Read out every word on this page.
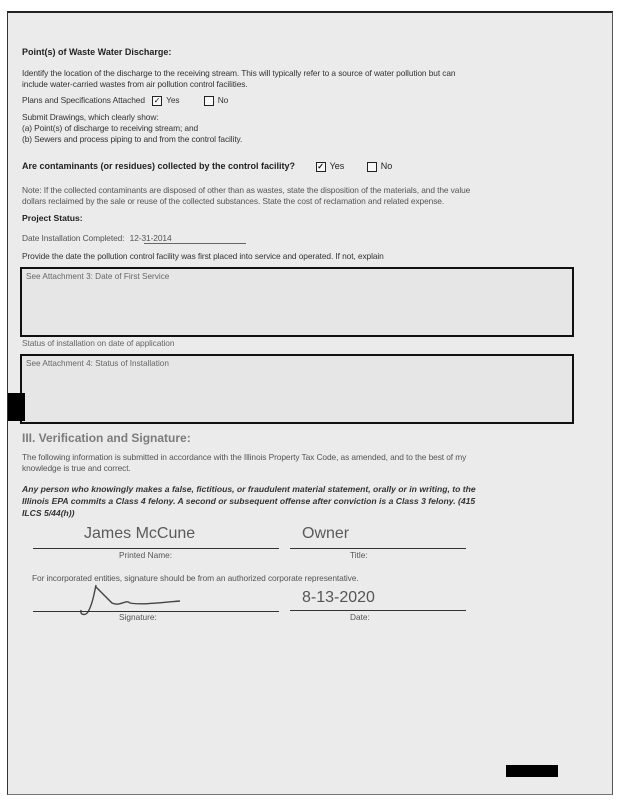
Point(s) of Waste Water Discharge:
Identify the location of the discharge to the receiving stream. This will typically refer to a source of water pollution but can
include water-carried wastes from air pollution control facilities.
Plans and Specifications Attached ✓ Yes	No
Submit Drawings, which clearly show:
(a) Point(s) of discharge to receiving stream; and
(b) Sewers and process piping to and from the control facility.
Are contaminants (or residues) collected by the control facility?	✓ Yes	No
Note: If the collected contaminants are disposed of other than as wastes, state the disposition of the materials, and the value
dollars reclaimed by the sale or reuse of the collected substances. State the cost of reclamation and related expense.
Project Status:
Date Installation Completed: 12-31-2014
Provide the date the pollution control facility was first placed into service and operated. If not, explain
See Attachment 3: Date of First Service
Status of installation on date of application
See Attachment 4: Status of Installation
III. Verification and Signature:
The following information is submitted in accordance with the Illinois Property Tax Code, as amended, and to the best of my
knowledge is true and correct.
Any person who knowingly makes a false, fictitious, or fraudulent material statement, orally or in writing, to the
Illinois EPA commits a Class 4 felony. A second or subsequent offense after conviction is a Class 3 felony. (415
ILCS 5/44(h))
James McCune
Printed Name:
Owner
Title:
For incorporated entities, signature should be from an authorized corporate representative.
Signature:
8-13-2020
Date:
